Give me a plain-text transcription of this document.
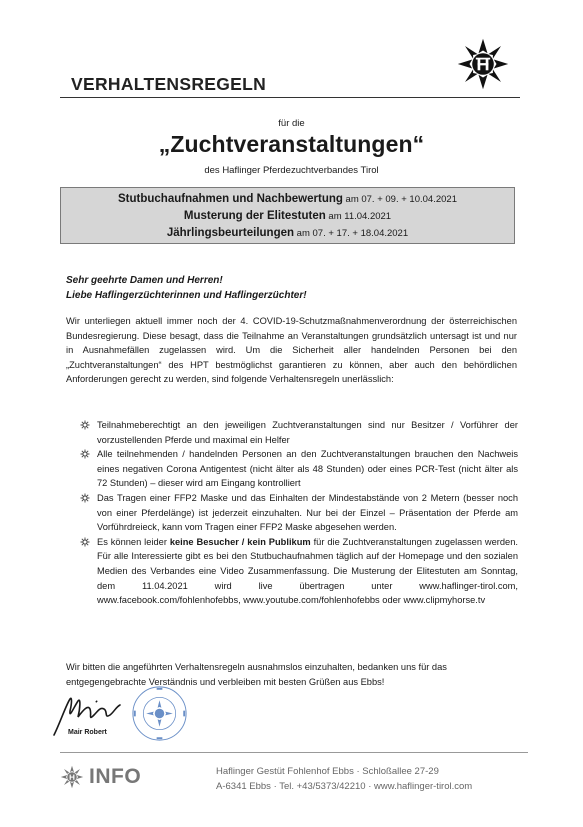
VERHALTENSREGELN
für die
„Zuchtveranstaltungen“
des Haflinger Pferdezuchtverbandes Tirol
Stutbuchaufnahmen und Nachbewertung am 07. + 09. + 10.04.2021
Musterung der Elitestuten am 11.04.2021
Jährlingsbeurteilungen am 07. + 17. + 18.04.2021
Sehr geehrte Damen und Herren!
Liebe Haflingerzüchterinnen und Haflingerzüchter!
Wir unterliegen aktuell immer noch der 4. COVID-19-Schutzmaßnahmenverordnung der österreichischen Bundesregierung. Diese besagt, dass die Teilnahme an Veranstaltungen grundsätzlich untersagt ist und nur in Ausnahmefällen zugelassen wird. Um die Sicherheit aller handelnden Personen bei den „Zuchtveranstaltungen“ des HPT bestmöglichst garantieren zu können, aber auch den behördlichen Anforderungen gerecht zu werden, sind folgende Verhaltensregeln unerlässlich:
Teilnahmeberechtigt an den jeweiligen Zuchtveranstaltungen sind nur Besitzer / Vorführer der vorzustellenden Pferde und maximal ein Helfer
Alle teilnehmenden / handelnden Personen an den Zuchtveranstaltungen brauchen den Nachweis eines negativen Corona Antigentest (nicht älter als 48 Stunden) oder eines PCR-Test (nicht älter als 72 Stunden) – dieser wird am Eingang kontrolliert
Das Tragen einer FFP2 Maske und das Einhalten der Mindestabstände von 2 Metern (besser noch von einer Pferdelänge) ist jederzeit einzuhalten. Nur bei der Einzel – Präsentation der Pferde am Vorführdreieck, kann vom Tragen einer FFP2 Maske abgesehen werden.
Es können leider keine Besucher / kein Publikum für die Zuchtveranstaltungen zugelassen werden. Für alle Interessierte gibt es bei den Stutbuchaufnahmen täglich auf der Homepage und den sozialen Medien des Verbandes eine Video Zusammenfassung. Die Musterung der Elitestuten am Sonntag, dem 11.04.2021 wird live übertragen unter www.haflinger-tirol.com, www.facebook.com/fohlenhofebbs, www.youtube.com/fohlenhofebbs oder www.clipmyhorse.tv
Wir bitten die angeführten Verhaltensregeln ausnahmslos einzuhalten, bedanken uns für das entgegengebrachte Verständnis und verbleiben mit besten Grüßen aus Ebbs!
Mair Robert
INFO	Haflinger Gestüt Fohlenhof Ebbs · Schloßallee 27-29
A-6341 Ebbs · Tel. +43/5373/42210 · www.haflinger-tirol.com
